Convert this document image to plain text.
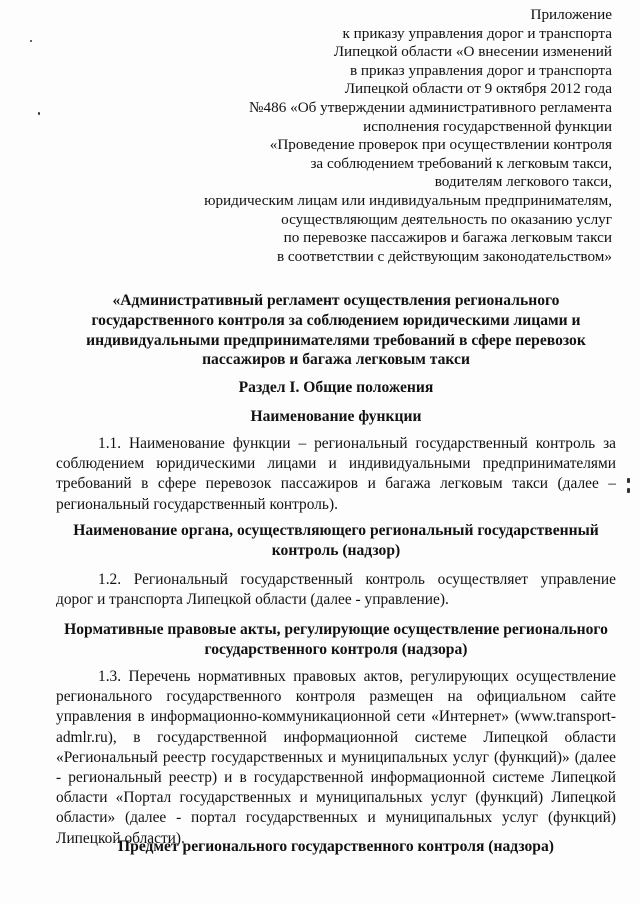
Приложение
к приказу управления дорог и транспорта
Липецкой области «О внесении изменений
в приказ управления дорог и транспорта
Липецкой области от 9 октября 2012 года
№486 «Об утверждении административного регламента
исполнения государственной функции
«Проведение проверок при осуществлении контроля
за соблюдением требований к легковым такси,
водителям легкового такси,
юридическим лицам или индивидуальным предпринимателям,
осуществляющим деятельность по оказанию услуг
по перевозке пассажиров и багажа легковым такси
в соответствии с действующим законодательством»
«Административный регламент осуществления регионального
государственного контроля за соблюдением юридическими лицами и
индивидуальными предпринимателями требований в сфере перевозок
пассажиров и багажа легковым такси
Раздел I. Общие положения
Наименование функции
1.1. Наименование функции – региональный государственный контроль за
соблюдением юридическими лицами и индивидуальными предпринимателями
требований в сфере перевозок пассажиров и багажа легковым такси (далее –
региональный государственный контроль).
Наименование органа, осуществляющего региональный государственный
контроль (надзор)
1.2. Региональный государственный контроль осуществляет управление
дорог и транспорта Липецкой области (далее - управление).
Нормативные правовые акты, регулирующие осуществление регионального
государственного контроля (надзора)
1.3. Перечень нормативных правовых актов, регулирующих осуществление
регионального государственного контроля размещен на официальном сайте
управления в информационно-коммуникационной сети «Интернет» (www.transport-
admlr.ru), в государственной информационной системе Липецкой области
«Региональный реестр государственных и муниципальных услуг (функций)» (далее
- региональный реестр) и в государственной информационной системе Липецкой
области «Портал государственных и муниципальных услуг (функций) Липецкой
области» (далее - портал государственных и муниципальных услуг (функций)
Липецкой области).
Предмет регионального государственного контроля (надзора)
